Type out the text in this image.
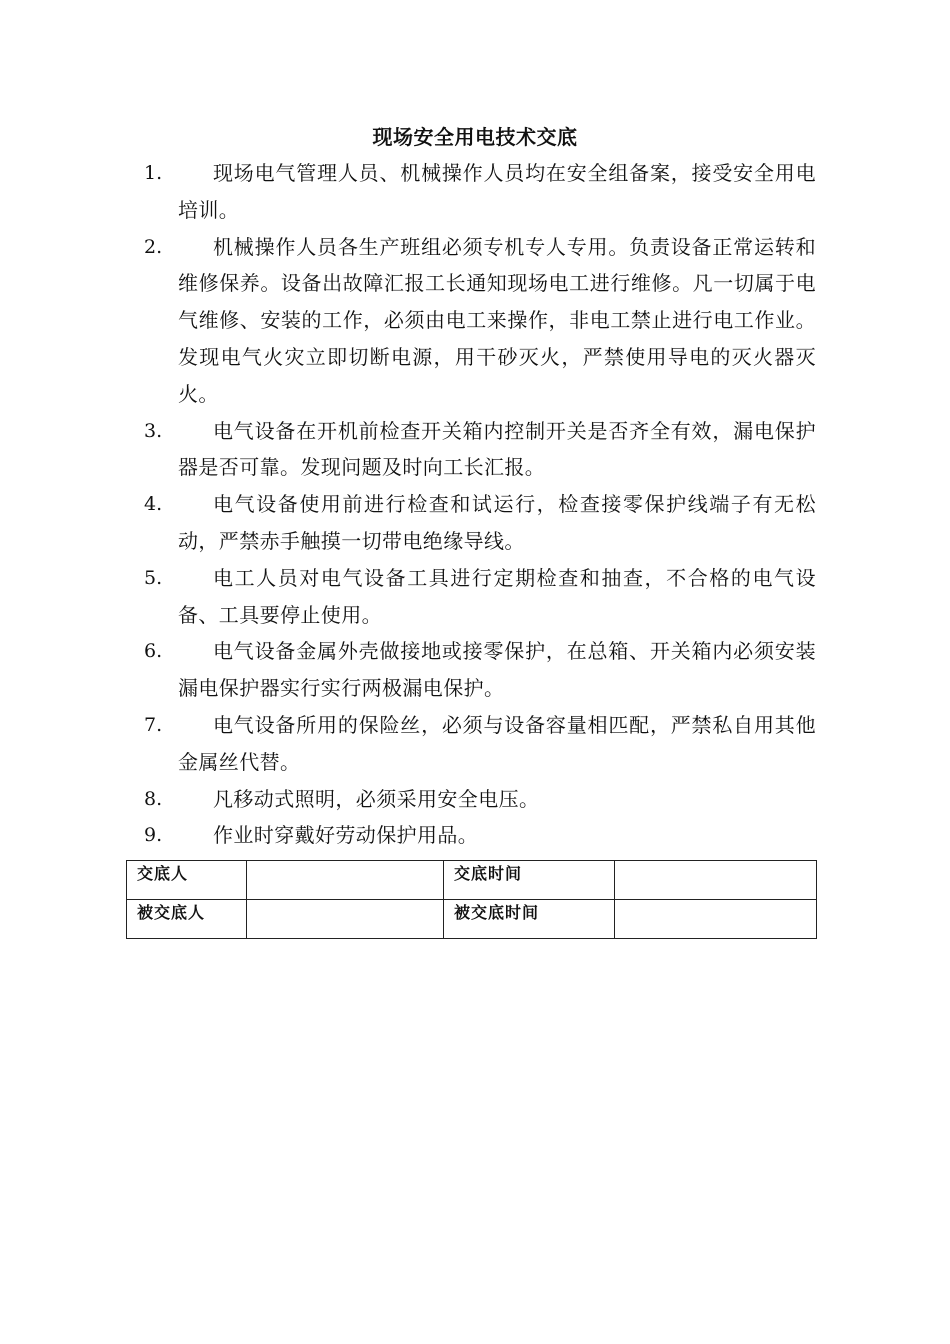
现场安全用电技术交底
1.	现场电气管理人员、机械操作人员均在安全组备案，接受安全用电培训。
2.	机械操作人员各生产班组必须专机专人专用。负责设备正常运转和维修保养。设备出故障汇报工长通知现场电工进行维修。凡一切属于电气维修、安装的工作，必须由电工来操作，非电工禁止进行电工作业。发现电气火灾立即切断电源，用干砂灭火，严禁使用导电的灭火器灭火。
3.	电气设备在开机前检查开关箱内控制开关是否齐全有效，漏电保护器是否可靠。发现问题及时向工长汇报。
4.	电气设备使用前进行检查和试运行，检查接零保护线端子有无松动，严禁赤手触摸一切带电绝缘导线。
5.	电工人员对电气设备工具进行定期检查和抽查，不合格的电气设备、工具要停止使用。
6.	电气设备金属外壳做接地或接零保护，在总箱、开关箱内必须安装漏电保护器实行实行两极漏电保护。
7.	电气设备所用的保险丝，必须与设备容量相匹配，严禁私自用其他金属丝代替。
8.	凡移动式照明，必须采用安全电压。
9.	作业时穿戴好劳动保护用品。
交底人		交底时间	
被交底人		被交底时间	
